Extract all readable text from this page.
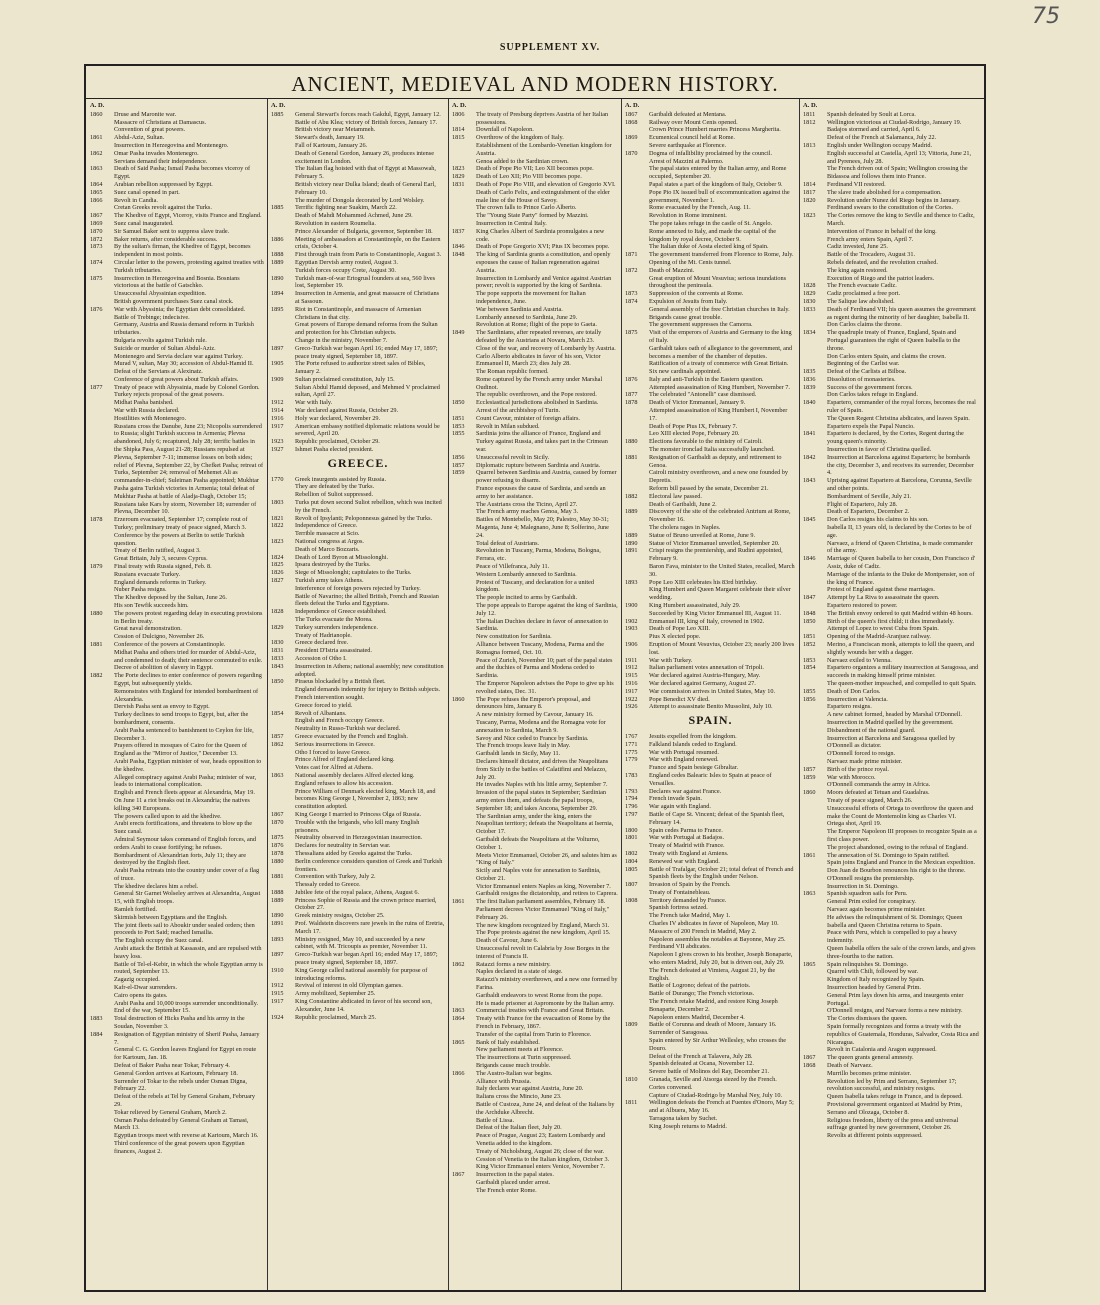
75
SUPPLEMENT XV.
ANCIENT, MEDIEVAL AND MODERN HISTORY.
A. D.
1860	Druse and Maronite war.
Massacre of Christians at Damascus.
Convention of great powers.
1861	Abdul-Aziz, Sultan.
Insurrection in Herzegovina and Montenegro.
1862	Omar Pasha invades Montenegro.
Servians demand their independence.
1863	Death of Said Pasha; Ismail Pasha becomes viceroy of Egypt.
1864	Arabian rebellion suppressed by Egypt.
1865	Suez canal opened in part.
1866	Revolt in Candia.
Cretan Greeks revolt against the Turks.
1867	The Khedive of Egypt, Viceroy, visits France and England.
1869	Suez canal inaugurated.
1870	Sir Samuel Baker sent to suppress slave trade.
1872	Baker returns, after considerable success.
1873	By the sultan's firman, the Khedive of Egypt, becomes independent in most points.
1874	Circular letter to the powers, protesting against treaties with Turkish tributaries.
1875	Insurrection in Herzegovina and Bosnia. Bosnians victorious at the battle of Gatschko.
Unsuccessful Abyssinian expedition.
British government purchases Suez canal stock.
1876	War with Abyssinia; the Egyptian debt consolidated.
Battle of Trebinge; indecisive.
Germany, Austria and Russia demand reform in Turkish tributaries.
Bulgaria revolts against Turkish rule.
Suicide or murder of Sultan Abdul-Aziz.
Montenegro and Servia declare war against Turkey.
Murad V, sultan, May 30; accession of Abdul-Hamid II.
Defeat of the Servians at Alexinatz.
Conference of great powers about Turkish affairs.
1877	Treaty of peace with Abyssinia, made by Colonel Gordon.
Turkey rejects proposal of the great powers.
Midhat Pasha banished.
War with Russia declared.
Hostilities with Montenegro.
Russians cross the Danube, June 23; Nicopolis surrendered to Russia; slight Turkish success in Armenia; Plevna abandoned, July 6; recaptured, July 28; terrific battles in the Shipka Pass, August 21-28; Russians repulsed at Plevna, September 7-11; immense losses on both sides; relief of Plevna, September 22, by Chefket Pasha; retreat of Turks, September 24; removal of Mehemet Ali as commander-in-chief; Suleiman Pasha appointed; Mukhtar Pasha gains Turkish victories in Armenia; total defeat of Mukhtar Pasha at battle of Aladja-Dagh, October 15; Russians take Kars by storm, November 18; surrender of Plevna, December 10.
1878	Erzeroum evacuated, September 17; complete rout of Turkey; preliminary treaty of peace signed, March 3.
Conference by the powers at Berlin to settle Turkish question.
Treaty of Berlin ratified, August 3.
Great Britain, July 3, secures Cyprus.
1879	Final treaty with Russia signed, Feb. 8.
Russians evacuate Turkey.
England demands reforms in Turkey.
Nuber Pasha resigns.
The Khedive deposed by the Sultan, June 26.
His son Tewfik succeeds him.
1880	The powers protest regarding delay in executing provisions in Berlin treaty.
Great naval demonstration.
Cession of Dulcigno, November 26.
1881	Conference of the powers at Constantinople.
Midhat Pasha and others tried for murder of Abdul-Aziz, and condemned to death; their sentence commuted to exile.
Decree of abolition of slavery in Egypt.
1882	The Porte declines to enter conference of powers regarding Egypt, but subsequently yields.
Remonstrates with England for intended bombardment of Alexandria.
Dervish Pasha sent as envoy to Egypt.
Turkey declines to send troops to Egypt, but, after the bombardment, consents.
Arabi Pasha sentenced to banishment to Ceylon for life, December 3.
Prayers offered in mosques of Cairo for the Queen of England as the "Mirror of Justice," December 13.
Arabi Pasha, Egyptian minister of war, heads opposition to the khedive.
Alleged conspiracy against Arabi Pasha; minister of war, leads to international complication.
English and French fleets appear at Alexandria, May 19.
On June 11 a riot breaks out in Alexandria; the natives killing 340 Europeans.
The powers called upon to aid the khedive.
Arabi erects fortifications, and threatens to blow up the Suez canal.
Admiral Seymour takes command of English forces, and orders Arabi to cease fortifying; he refuses.
Bombardment of Alexandrian forts, July 11; they are destroyed by the English fleet.
Arabi Pasha retreats into the country under cover of a flag of truce.
The khedive declares him a rebel.
General Sir Garnet Wolseley arrives at Alexandria, August 15, with English troops.
Ramleh fortified.
Skirmish between Egyptians and the English.
The joint fleets sail to Aboukir under sealed orders; then proceeds to Port Said; reached Ismailia.
The English occupy the Suez canal.
Arabi attack the British at Kassassin, and are repulsed with heavy loss.
Battle of Tel-el-Kebir, in which the whole Egyptian army is routed, September 13.
Zagazig occupied.
Kafr-el-Dwar surrenders.
Cairo opens its gates.
Arabi Pasha and 10,000 troops surrender unconditionally.
End of the war, September 15.
1883	Total destruction of Hicks Pasha and his army in the Soudan, November 3.
1884	Resignation of Egyptian ministry of Sherif Pasha, January 7.
General C. G. Gordon leaves England for Egypt en route for Kartoum, Jan. 18.
Defeat of Baker Pasha near Tokar, February 4.
General Gordon arrives at Kartoum, February 18.
Surrender of Tokar to the rebels under Osman Digna, February 22.
Defeat of the rebels at Tel by General Graham, February 29.
Tokar relieved by General Graham, March 2.
Osman Pasha defeated by General Graham at Tamasi, March 13.
Egyptian troops meet with reverse at Kartoum, March 16.
Third conference of the great powers upon Egyptian finances, August 2.
A. D.
1885	General Stewart's forces reach Gakdul, Egypt, January 12.
Battle of Abu Klea; victory of British forces, January 17.
British victory near Metammeh.
Stewart's death, January 19.
Fall of Kartoum, January 26.
Death of General Gordon, January 26, produces intense excitement in London.
The Italian flag hoisted with that of Egypt at Massowah, February 5.
British victory near Dulka Island; death of General Earl, February 10.
The murder of Dongola decorated by Lord Wolsley.
1885	Terrific fighting near Suakim, March 22.
Death of Mahdi Mohammed Achmed, June 29.
Revolution in eastern Roumelia.
Prince Alexander of Bulgaria, governor, September 18.
1886	Meeting of ambassadors at Constantinople, on the Eastern crisis, October 4.
1888	First through train from Paris to Constantinople, August 3.
1889	Egyptian Dervish army routed, August 3.
Turkish forces occupy Crete, August 30.
1890	Turkish man-of-war Ertogrusl founders at sea, 560 lives lost, September 19.
1894	Insurrection in Armenia, and great massacre of Christians at Sassoun.
1895	Riot in Constantinople, and massacre of Armenian Christians in that city.
Great powers of Europe demand reforms from the Sultan and protection for his Christian subjects.
Change in the ministry, November 7.
1897	Greco-Turkish war began April 16; ended May 17, 1897; peace treaty signed, September 18, 1897.
1905	The Porte refused to authorize street sales of Bibles, January 2.
1909	Sultan proclaimed constitution, July 15.
Sultan Abdul Hamid deposed, and Mehmed V proclaimed sultan, April 27.
1912	War with Italy.
1914	War declared against Russia, October 29.
1916	Holy war declared, November 29.
1917	American embassy notified diplomatic relations would be severed, April 20.
1923	Republic proclaimed, October 29.
1927	Ishmet Pasha elected president.
GREECE.
1770	Greek insurgents assisted by Russia.
They are defeated by the Turks.
Rebellion of Suliot suppressed.
1803	Turks put down second Suliot rebellion, which was incited by the French.
1821	Revolt of Ipsylanti; Peloponnesus gained by the Turks.
1822	Independence of Greece.
Terrible massacre at Scio.
1823	National congress at Argos.
Death of Marco Bozzaris.
1824	Death of Lord Byron at Missolonghi.
1825	Ipsara destroyed by the Turks.
1826	Siege of Missolonghi; capitulates to the Turks.
1827	Turkish army takes Athens.
Interference of foreign powers rejected by Turkey.
Battle of Navarino; the allied British, French and Russian fleets defeat the Turks and Egyptians.
1828	Independence of Greece established.
The Turks evacuate the Morea.
1829	Turkey surrenders independence.
Treaty of Hadrianople.
1830	Greece declared free.
1831	President D'Istria assassinated.
1833	Accession of Otho I.
1843	Insurrection in Athens; national assembly; new constitution adopted.
1850	Piraeus blockaded by a British fleet.
England demands indemnity for injury to British subjects.
French intervention sought.
Greece forced to yield.
1854	Revolt of Albanians.
English and French occupy Greece.
Neutrality in Russo-Turkish war declared.
1857	Greece evacuated by the French and English.
1862	Serious insurrections in Greece.
Otho I forced to leave Greece.
Prince Alfred of England declared king.
Votes cast for Alfred at Athens.
1863	National assembly declares Alfred elected king.
England refuses to allow his accession.
Prince William of Denmark elected king, March 18, and becomes King George I, November 2, 1863; new constitution adopted.
1867	King George I married to Princess Olga of Russia.
1870	Trouble with the brigands, who kill many English prisoners.
1875	Neutrality observed in Herzegovinian insurrection.
1876	Declares for neutrality in Servian war.
1878	Thessalians aided by Greeks against the Turks.
1880	Berlin conference considers question of Greek and Turkish frontiers.
1881	Convention with Turkey, July 2.
Thessaly ceded to Greece.
1888	Jubilee fete of the royal palace, Athens, August 6.
1889	Princess Sophie of Russia and the crown prince married, October 27.
1890	Greek ministry resigns, October 25.
1891	Prof. Waldstein discovers rare jewels in the ruins of Eretria, March 17.
1893	Ministry resigned, May 10, and succeeded by a new cabinet, with M. Tricoupis as premier, November 11.
1897	Greco-Turkish war began April 16; ended May 17, 1897; peace treaty signed, September 18, 1897.
1910	King George called national assembly for purpose of introducing reforms.
1912	Revival of interest in old Olympian games.
1915	Army mobilized, September 25.
1917	King Constantine abdicated in favor of his second son, Alexander, June 14.
1924	Republic proclaimed, March 25.
A. D.
1806	The treaty of Presburg deprives Austria of her Italian possessions.
1814	Downfall of Napoleon.
1815	Overthrow of the kingdom of Italy.
Establishment of the Lombardo-Venetian kingdom for Austria.
Genoa added to the Sardinian crown.
1823	Death of Pope Pio VII; Leo XII becomes pope.
1829	Death of Leo XII; Pio VIII becomes pope.
1831	Death of Pope Pio VIII, and elevation of Gregorio XVI.
Death of Carlo Felix, and extinguishment of the elder male line of the House of Savoy.
The crown falls to Prince Carlo Alberto.
The "Young State Party" formed by Mazzini.
Insurrection in Central Italy.
1837	King Charles Albert of Sardinia promulgates a new code.
1846	Death of Pope Gregorio XVI; Pius IX becomes pope.
1848	The king of Sardinia grants a constitution, and openly espouses the cause of Italian regeneration against Austria.
Insurrection in Lombardy and Venice against Austrian power; revolt is supported by the king of Sardinia.
The pope supports the movement for Italian independence, June.
War between Sardinia and Austria.
Lombardy annexed to Sardinia, June 29.
Revolution at Rome; flight of the pope to Gaeta.
1849	The Sardinians, after repeated reverses, are totally defeated by the Austrians at Novara, March 23.
Close of the war, and recovery of Lombardy by Austria.
Carlo Alberto abdicates in favor of his son, Victor Emmanuel II, March 23; dies July 28.
The Roman republic formed.
Rome captured by the French army under Marshal Oudinot.
The republic overthrown, and the Pope restored.
1850	Ecclesiastical jurisdictions abolished in Sardinia.
Arrest of the archbishop of Turin.
1851	Count Cavour, minister of foreign affairs.
1853	Revolt in Milan subdued.
1855	Sardinia joins the alliance of France, England and Turkey against Russia, and takes part in the Crimean war.
1856	Unsuccessful revolt in Sicily.
1857	Diplomatic rupture between Sardinia and Austria.
1859	Quarrel between Sardinia and Austria, caused by former power refusing to disarm.
France espouses the cause of Sardinia, and sends an army to her assistance.
The Austrians cross the Ticino, April 27.
The French army reaches Genoa, May 3.
Battles of Montebello, May 20; Palestro, May 30-31; Magenta, June 4; Malegnano, June 8; Solferino, June 24.
Total defeat of Austrians.
Revolution in Tuscany, Parma, Modena, Bologna, Ferrara, etc.
Peace of Villefranca, July 11.
Western Lombardy annexed to Sardinia.
Protest of Tuscany, and declaration for a united kingdom.
The people incited to arms by Garibaldi.
The pope appeals to Europe against the king of Sardinia, July 12.
The Italian Duchies declare in favor of annexation to Sardinia.
New constitution for Sardinia.
Alliance between Tuscany, Modena, Parma and the Romagna formed, Oct. 10.
Peace of Zurich, November 10; part of the papal states and the duchies of Parma and Modena ceded to Sardinia.
The Emperor Napoleon advises the Pope to give up his revolted states, Dec. 31.
1860	The Pope refuses the Emperor's proposal, and denounces him, January 8.
A new ministry formed by Cavour, January 16.
Tuscany, Parma, Modena and the Romagna vote for annexation to Sardinia, March 9.
Savoy and Nice ceded to France by Sardinia.
The French troops leave Italy in May.
Garibaldi lands in Sicily, May 11.
Declares himself dictator, and drives the Neapolitans from Sicily in the battles of Calatifimi and Melazzo, July 20.
He invades Naples with his little army, September 7.
Invasion of the papal states in September; Sardinian army enters them, and defeats the papal troops, September 18; and takes Ancona, September 29.
The Sardinian army, under the king, enters the Neapolitan territory; defeats the Neapolitans at Isernia, October 17.
Garibaldi defeats the Neapolitans at the Volturno, October 1.
Meets Victor Emmanuel, October 26, and salutes him as "King of Italy."
Sicily and Naples vote for annexation to Sardinia, October 21.
Victor Emmanuel enters Naples as king, November 7.
Garibaldi resigns the dictatorship, and retires to Caprera.
1861	The first Italian parliament assembles, February 18.
Parliament decrees Victor Emmanuel "King of Italy," February 26.
The new kingdom recognized by England, March 31.
The Pope protests against the new kingdom, April 15.
Death of Cavour, June 6.
Unsuccessful revolt in Calabria by Jose Borges in the interest of Francis II.
1862	Ratazzi forms a new ministry.
Naples declared in a state of siege.
Ratazzi's ministry overthrown, and a new one formed by Farina.
Garibaldi endeavors to wrest Rome from the pope.
He is made prisoner at Aspromonte by the Italian army.
1863	Commercial treaties with France and Great Britain.
1864	Treaty with France for the evacuation of Rome by the French in February, 1867.
Transfer of the capital from Turin to Florence.
1865	Bank of Italy established.
New parliament meets at Florence.
The insurrections at Turin suppressed.
Brigands cause much trouble.
1866	The Austro-Italian war begins.
Alliance with Prussia.
Italy declares war against Austria, June 20.
Italians cross the Mincio, June 23.
Battle of Custoza, June 24, and defeat of the Italians by the Archduke Albrecht.
Battle of Lissa.
Defeat of the Italian fleet, July 20.
Peace of Prague, August 23; Eastern Lombardy and Venetia added to the kingdom.
Treaty of Nicholsburg, August 26; close of the war.
Cession of Venetia to the Italian kingdom, October 3.
King Victor Emmanuel enters Venice, November 7.
1867	Insurrection in the papal states.
Garibaldi placed under arrest.
The French enter Rome.
A. D.
1867	Garibaldi defeated at Mentana.
1868	Railway over Mount Cenis opened.
Crown Prince Humbert marries Princess Margherita.
1869	Ecumenical council held at Rome.
Severe earthquake at Florence.
1870	Dogma of infallibility proclaimed by the council.
Arrest of Mazzini at Palermo.
The papal states entered by the Italian army, and Rome occupied, September 20.
Papal states a part of the kingdom of Italy, October 9.
Pope Pio IX issued bull of excommunication against the government, November 1.
Rome evacuated by the French, Aug. 11.
Revolution in Rome imminent.
The pope takes refuge in the castle of St. Angelo.
Rome annexed to Italy, and made the capital of the kingdom by royal decree, October 9.
The Italian duke of Aosta elected king of Spain.
1871	The government transferred from Florence to Rome, July.
Opening of the Mt. Cenis tunnel.
1872	Death of Mazzini.
Great eruption of Mount Vesuvius; serious inundations throughout the peninsula.
1873	Suppression of the convents at Rome.
1874	Expulsion of Jesuits from Italy.
General assembly of the free Christian churches in Italy.
Brigands cause great trouble.
The government suppresses the Camorra.
1875	Visit of the emperors of Austria and Germany to the king of Italy.
Garibaldi takes oath of allegiance to the government, and becomes a member of the chamber of deputies.
Ratification of a treaty of commerce with Great Britain.
Six new cardinals appointed.
1876	Italy and anti-Turkish in the Eastern question.
Attempted assassination of King Humbert, November 7.
1877	The celebrated "Antonelli" case dismissed.
1878	Death of Victor Emmanuel, January 9.
Attempted assassination of King Humbert I, November 17.
Death of Pope Pius IX, February 7.
Leo XIII elected Pope, February 20.
1880	Elections favorable to the ministry of Cairoli.
The monster ironclad Italia successfully launched.
1881	Resignation of Garibaldi as deputy, and retirement to Genoa.
Cairoli ministry overthrown, and a new one founded by Depretis.
Reform bill passed by the senate, December 21.
1882	Electoral law passed.
Death of Garibaldi, June 2.
1889	Discovery of the site of the celebrated Antrium at Rome, November 16.
The cholera rages in Naples.
1889	Statue of Bruno unveiled at Rome, June 9.
1890	Statue of Victor Emmanuel unveiled, September 20.
1891	Crispi resigns the premiership, and Rudini appointed, February 9.
Baron Fava, minister to the United States, recalled, March 30.
1893	Pope Leo XIII celebrates his 83rd birthday.
King Humbert and Queen Margaret celebrate their silver wedding.
1900	King Humbert assassinated, July 29.
Succeeded by King Victor Emmanuel III, August 11.
1902	Emmanuel III, king of Italy, crowned in 1902.
1903	Death of Pope Leo XIII.
Pius X elected pope.
1906	Eruption of Mount Vesuvius, October 23; nearly 200 lives lost.
1911	War with Turkey.
1912	Italian parliament votes annexation of Tripoli.
1915	War declared against Austria-Hungary, May.
1916	War declared against Germany, August 27.
1917	War commission arrives in United States, May 10.
1922	Pope Benedict XV died.
1926	Attempt to assassinate Benito Mussolini, July 10.
SPAIN.
1767	Jesuits expelled from the kingdom.
1771	Falkland Islands ceded to England.
1775	War with Portugal resumed.
1779	War with England renewed.
France and Spain besiege Gibraltar.
1783	England cedes Balearic Isles to Spain at peace of Versailles.
1793	Declares war against France.
1794	French invade Spain.
1796	War again with England.
1797	Battle of Cape St. Vincent; defeat of the Spanish fleet, February 14.
1800	Spain cedes Parma to France.
1801	War with Portugal at Badajos.
Treaty of Madrid with France.
1802	Treaty with England at Amiens.
1804	Renewed war with England.
1805	Battle of Trafalgar, October 21; total defeat of French and Spanish fleets by the English under Nelson.
1807	Invasion of Spain by the French.
Treaty of Fontainebleau.
1808	Territory demanded by France.
Spanish fortress seized.
The French take Madrid, May 1.
Charles IV abdicates in favor of Napoleon, May 10.
Massacre of 200 French in Madrid, May 2.
Napoleon assembles the notables at Bayonne, May 25.
Ferdinand VII abdicates.
Napoleon I gives crown to his brother, Joseph Bonaparte, who enters Madrid, July 20, but is driven out, July 29.
The French defeated at Vimiera, August 21, by the English.
Battle of Logrono; defeat of the patriots.
Battle of Durango; The French victorious.
The French retake Madrid, and restore King Joseph Bonaparte, December 2.
Napoleon enters Madrid, December 4.
1809	Battle of Corunna and death of Moore, January 16.
Surrender of Saragossa.
Spain entered by Sir Arthur Wellesley, who crosses the Douro.
Defeat of the French at Talavera, July 28.
Spanish defeated at Ocana, November 12.
Severe battle of Molinos del Ray, December 21.
1810	Granada, Seville and Atsorga siezed by the French.
Cortes convened.
Capture of Ciudad-Rodrigo by Marshal Ney, July 10.
1811	Wellington defeats the French at Fuentes d'Onoro, May 5; and at Albuera, May 16.
Tarragona taken by Suchet.
King Joseph returns to Madrid.
A. D.
1811	Spanish defeated by Soult at Lorca.
1812	Wellington victorious at Ciudad-Rodrigo, January 19.
Badajos stormed and carried, April 6.
Defeat of the French at Salamanca, July 22.
1813	English under Wellington occupy Madrid.
English successful at Castella, April 13; Vittoria, June 21, and Pyrenees, July 28.
The French driven out of Spain; Wellington crossing the Bidassoa and follows them into France.
1814	Ferdinand VII restored.
1817	The slave trade abolished for a compensation.
1820	Revolution under Nunez del Riego begins in January.
Ferdinand swears to the constitution of the Cortes.
1823	The Cortes remove the king to Seville and thence to Cadiz, March.
Intervention of France in behalf of the king.
French army enters Spain, April 7.
Cadiz invested, June 25.
Battle of the Trocadero, August 31.
Rebels defeated, and the revolution crushed.
The king again restored.
Execution of Riego and the patriot leaders.
1828	The French evacuate Cadiz.
1829	Cadiz proclaimed a free port.
1830	The Salique law abolished.
1833	Death of Ferdinand VII; his queen assumes the government as regent during the minority of her daughter, Isabella II.
Don Carlos claims the throne.
1834	The quadruple treaty of France, England, Spain and Portugal guarantees the right of Queen Isabella to the throne.
Don Carlos enters Spain, and claims the crown.
Beginning of the Carlist war.
1835	Defeat of the Carlists at Bilboa.
1836	Dissolution of monasteries.
1839	Success of the government forces.
Don Carlos takes refuge in England.
1840	Espartero, commander of the royal forces, becomes the real ruler of Spain.
The Queen Regent Christina abdicates, and leaves Spain.
Espartero expels the Papal Nuncio.
1841	Espartero is declared, by the Cortes, Regent during the young queen's minority.
Insurrection in favor of Christina quelled.
1842	Insurrection at Barcelona against Espartero; he bombards the city, December 3, and receives its surrender, December 4.
1843	Uprising against Espartero at Barcelona, Corunna, Seville and other points.
Bombardment of Seville, July 21.
Flight of Espartero, July 28.
Death of Espartero, December 2.
1845	Don Carlos resigns his claims to his son.
Isabella II, 13 years old, is declared by the Cortes to be of age.
Narvaez, a friend of Queen Christina, is made commander of the army.
1846	Marriage of Queen Isabella to her cousin, Don Francisco d' Assiz, duke of Cadiz.
Marriage of the infanta to the Duke de Montpensier, son of the king of France.
Protest of England against these marriages.
1847	Attempt by La Riva to assassinate the queen.
Espartero restored to power.
1848	The British envoy ordered to quit Madrid within 48 hours.
1850	Birth of the queen's first child; it dies immediately.
Attempt of Lopez to wrest Cuba from Spain.
1851	Opening of the Madrid-Aranjuez railway.
1852	Merino, a Franciscan monk, attempts to kill the queen, and slightly wounds her with a dagger.
1853	Narvaez exiled to Vienna.
1854	Espartero organizes a military insurrection at Saragossa, and succeeds in making himself prime minister.
The queen-mother impeached, and compelled to quit Spain.
1855	Death of Don Carlos.
1856	Insurrection at Valencia.
Espartero resigns.
A new cabinet formed, headed by Marshal O'Donnell.
Insurrection in Madrid quelled by the government.
Disbandment of the national guard.
Insurrection at Barcelona and Saragossa quelled by O'Donnell as dictator.
O'Donnell forced to resign.
Narvaez made prime minister.
1857	Birth of the prince royal.
1859	War with Morocco.
O'Donnell commands the army in Africa.
1860	Moors defeated at Tetuan and Guadalras.
Treaty of peace signed, March 26.
Unsuccessful efforts of Ortega to overthrow the queen and make the Count de Montemolin king as Charles VI.
Ortega shot, April 19.
The Emperor Napoleon III proposes to recognize Spain as a first class power.
The project abandoned, owing to the refusal of England.
1861	The annexation of St. Domingo to Spain ratified.
Spain joins England and France in the Mexican expedition.
Don Juan de Bourbon renounces his right to the throne.
O'Donnell resigns the premiership.
Insurrection in St. Domingo.
1863	Spanish squadron sails for Peru.
General Prim exiled for conspiracy.
Narvaez again becomes prime minister.
He advises the relinquishment of St. Domingo; Queen Isabella and Queen Christina returns to Spain.
Peace with Peru, which is compelled to pay a heavy indemnity.
Queen Isabella offers the sale of the crown lands, and gives three-fourths to the nation.
1865	Spain relinquishes St. Domingo.
Quarrel with Chili, followed by war.
Kingdom of Italy recognized by Spain.
Insurrection headed by General Prim.
General Prim lays down his arms, and insurgents enter Portugal.
O'Donnell resigns, and Narvaez forms a new ministry.
The Cortes dismisses the queen.
Spain formally recognizes and forms a treaty with the republics of Guatemala, Honduras, Salvador, Costa Rica and Nicaragua.
Revolt in Catalonia and Aragon suppressed.
1867	The queen grants general amnesty.
1868	Death of Narvaez.
Murrillo becomes prime minister.
Revolution led by Prim and Serrano, September 17; revolution successful, and ministry resigns.
Queen Isabella takes refuge in France, and is deposed.
Provisional government organized at Madrid by Prim, Serrano and Olozaga, October 8.
Religious freedom, liberty of the press and universal suffrage granted by new government, October 26.
Revolts at different points suppressed.
